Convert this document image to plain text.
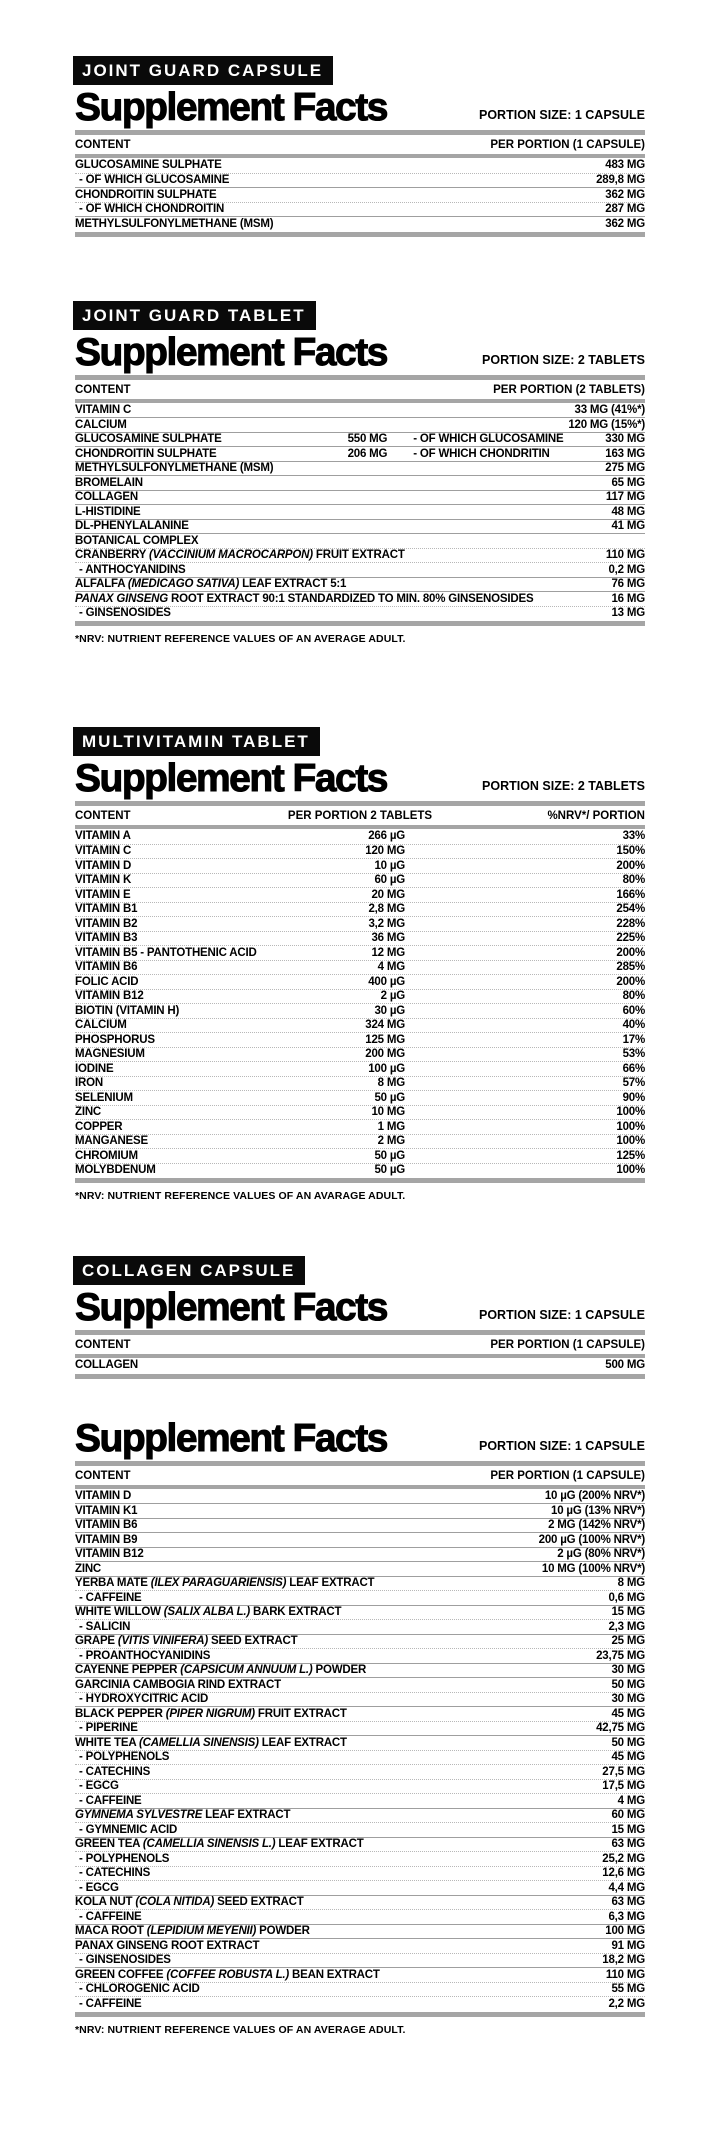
JOINT GUARD CAPSULE
Supplement Facts	PORTION SIZE: 1 CAPSULE
CONTENT	PER PORTION (1 CAPSULE)
GLUCOSAMINE SULPHATE	483 MG
- OF WHICH GLUCOSAMINE	289,8 MG
CHONDROITIN SULPHATE	362 MG
- OF WHICH CHONDROITIN	287 MG
METHYLSULFONYLMETHANE (MSM)	362 MG
JOINT GUARD TABLET
Supplement Facts	PORTION SIZE: 2 TABLETS
CONTENT	PER PORTION (2 TABLETS)
VITAMIN C	33 MG (41%*)
CALCIUM	120 MG (15%*)
GLUCOSAMINE SULPHATE	550 MG	- OF WHICH GLUCOSAMINE	330 MG
CHONDROITIN SULPHATE	206 MG	- OF WHICH CHONDRITIN	163 MG
METHYLSULFONYLMETHANE (MSM)	275 MG
BROMELAIN	65 MG
COLLAGEN	117 MG
L-HISTIDINE	48 MG
DL-PHENYLALANINE	41 MG
BOTANICAL COMPLEX
CRANBERRY (VACCINIUM MACROCARPON) FRUIT EXTRACT	110 MG
- ANTHOCYANIDINS	0,2 MG
ALFALFA (MEDICAGO SATIVA) LEAF EXTRACT 5:1	76 MG
PANAX GINSENG ROOT EXTRACT 90:1 STANDARDIZED TO MIN. 80% GINSENOSIDES	16 MG
- GINSENOSIDES	13 MG
*NRV: NUTRIENT REFERENCE VALUES OF AN AVERAGE ADULT.
MULTIVITAMIN TABLET
Supplement Facts	PORTION SIZE: 2 TABLETS
CONTENT	PER PORTION 2 TABLETS	%NRV*/ PORTION
VITAMIN A	266 µG	33%
VITAMIN C	120 MG	150%
VITAMIN D	10 µG	200%
VITAMIN K	60 µG	80%
VITAMIN E	20 MG	166%
VITAMIN B1	2,8 MG	254%
VITAMIN B2	3,2 MG	228%
VITAMIN B3	36 MG	225%
VITAMIN B5 - PANTOTHENIC ACID	12 MG	200%
VITAMIN B6	4 MG	285%
FOLIC ACID	400 µG	200%
VITAMIN B12	2 µG	80%
BIOTIN (VITAMIN H)	30 µG	60%
CALCIUM	324 MG	40%
PHOSPHORUS	125 MG	17%
MAGNESIUM	200 MG	53%
IODINE	100 µG	66%
IRON	8 MG	57%
SELENIUM	50 µG	90%
ZINC	10 MG	100%
COPPER	1 MG	100%
MANGANESE	2 MG	100%
CHROMIUM	50 µG	125%
MOLYBDENUM	50 µG	100%
*NRV: NUTRIENT REFERENCE VALUES OF AN AVARAGE ADULT.
COLLAGEN CAPSULE
Supplement Facts	PORTION SIZE: 1 CAPSULE
CONTENT	PER PORTION (1 CAPSULE)
COLLAGEN	500 MG
Supplement Facts	PORTION SIZE: 1 CAPSULE
CONTENT	PER PORTION (1 CAPSULE)
VITAMIN D	10 µG (200% NRV*)
VITAMIN K1	10 µG (13% NRV*)
VITAMIN B6	2 MG (142% NRV*)
VITAMIN B9	200 µG (100% NRV*)
VITAMIN B12	2 µG (80% NRV*)
ZINC	10 MG (100% NRV*)
YERBA MATE (ILEX PARAGUARIENSIS) LEAF EXTRACT	8 MG
- CAFFEINE	0,6 MG
WHITE WILLOW (SALIX ALBA L.) BARK EXTRACT	15 MG
- SALICIN	2,3 MG
GRAPE (VITIS VINIFERA) SEED EXTRACT	25 MG
- PROANTHOCYANIDINS	23,75 MG
CAYENNE PEPPER (CAPSICUM ANNUUM L.) POWDER	30 MG
GARCINIA CAMBOGIA RIND EXTRACT	50 MG
- HYDROXYCITRIC ACID	30 MG
BLACK PEPPER (PIPER NIGRUM) FRUIT EXTRACT	45 MG
- PIPERINE	42,75 MG
WHITE TEA (CAMELLIA SINENSIS) LEAF EXTRACT	50 MG
- POLYPHENOLS	45 MG
- CATECHINS	27,5 MG
- EGCG	17,5 MG
- CAFFEINE	4 MG
GYMNEMA SYLVESTRE LEAF EXTRACT	60 MG
- GYMNEMIC ACID	15 MG
GREEN TEA (CAMELLIA SINENSIS L.) LEAF EXTRACT	63 MG
- POLYPHENOLS	25,2 MG
- CATECHINS	12,6 MG
- EGCG	4,4 MG
KOLA NUT (COLA NITIDA) SEED EXTRACT	63 MG
- CAFFEINE	6,3 MG
MACA ROOT (LEPIDIUM MEYENII) POWDER	100 MG
PANAX GINSENG ROOT EXTRACT	91 MG
- GINSENOSIDES	18,2 MG
GREEN COFFEE (COFFEE ROBUSTA L.) BEAN EXTRACT	110 MG
- CHLOROGENIC ACID	55 MG
- CAFFEINE	2,2 MG
*NRV: NUTRIENT REFERENCE VALUES OF AN AVERAGE ADULT.
